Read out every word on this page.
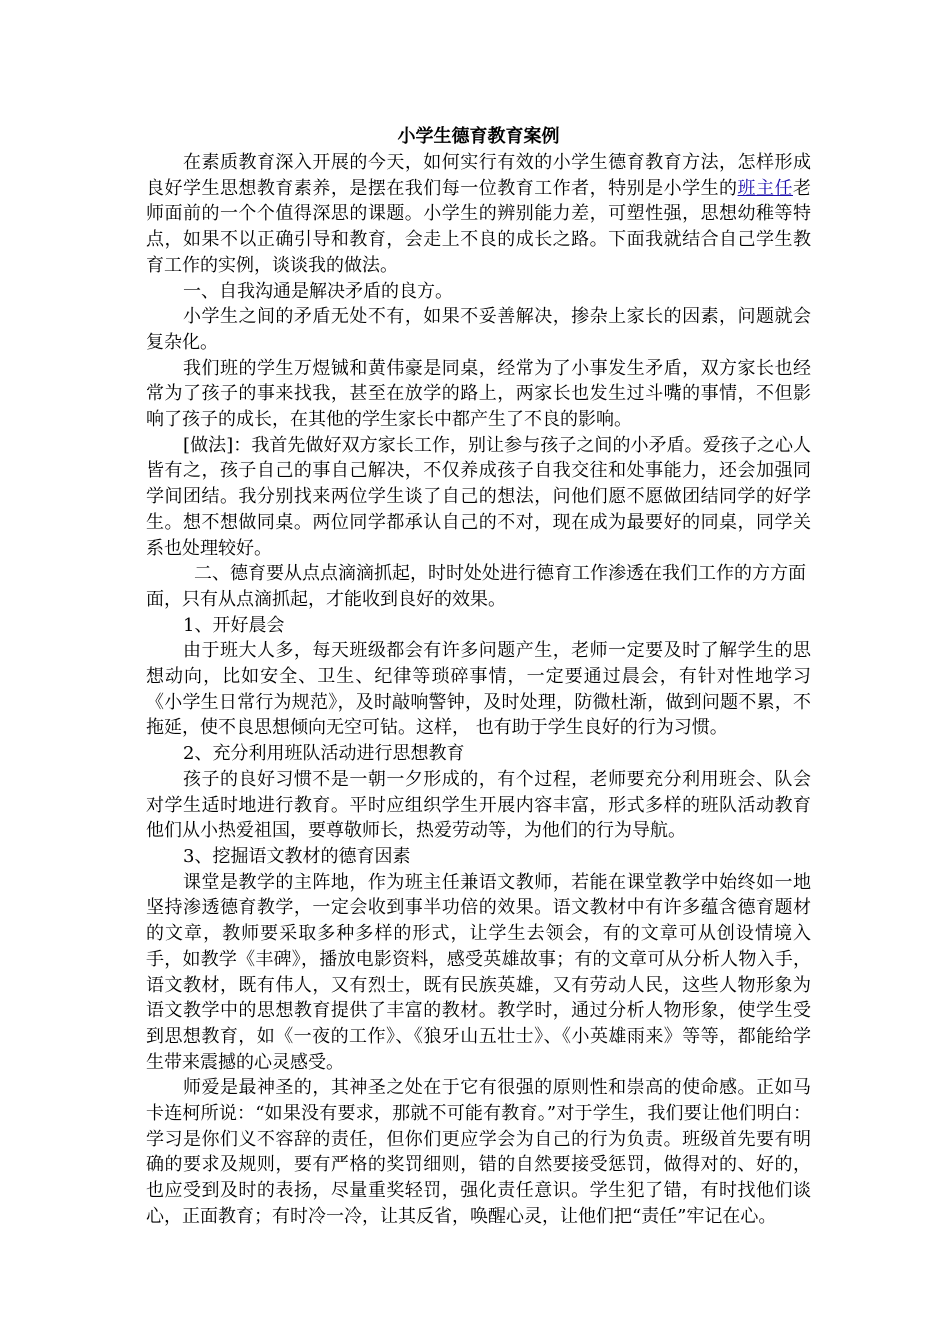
小学生德育教育案例

在素质教育深入开展的今天，如何实行有效的小学生德育教育方法，怎样形成良好学生思想教育素养，是摆在我们每一位教育工作者，特别是小学生的班主任老师面前的一个个值得深思的课题。小学生的辨别能力差，可塑性强，思想幼稚等特点，如果不以正确引导和教育，会走上不良的成长之路。下面我就结合自己学生教育工作的实例，谈谈我的做法。

一、自我沟通是解决矛盾的良方。

小学生之间的矛盾无处不有，如果不妥善解决，掺杂上家长的因素，问题就会复杂化。

我们班的学生万煜铖和黄伟豪是同桌，经常为了小事发生矛盾，双方家长也经常为了孩子的事来找我，甚至在放学的路上，两家长也发生过斗嘴的事情，不但影响了孩子的成长，在其他的学生家长中都产生了不良的影响。

[做法]：我首先做好双方家长工作，别让参与孩子之间的小矛盾。爱孩子之心人皆有之，孩子自己的事自己解决，不仅养成孩子自我交往和处事能力，还会加强同学间团结。我分别找来两位学生谈了自己的想法，问他们愿不愿做团结同学的好学生。想不想做同桌。两位同学都承认自己的不对，现在成为最要好的同桌，同学关系也处理较好。

二、德育要从点点滴滴抓起，时时处处进行德育工作渗透在我们工作的方方面面，只有从点滴抓起，才能收到良好的效果。

1、开好晨会

由于班大人多，每天班级都会有许多问题产生，老师一定要及时了解学生的思想动向，比如安全、卫生、纪律等琐碎事情，一定要通过晨会，有针对性地学习《小学生日常行为规范》，及时敲响警钟，及时处理，防微杜渐，做到问题不累，不拖延，使不良思想倾向无空可钻。这样， 也有助于学生良好的行为习惯。

2、充分利用班队活动进行思想教育

孩子的良好习惯不是一朝一夕形成的，有个过程，老师要充分利用班会、队会对学生适时地进行教育。平时应组织学生开展内容丰富，形式多样的班队活动教育他们从小热爱祖国，要尊敬师长，热爱劳动等，为他们的行为导航。

3、挖掘语文教材的德育因素

课堂是教学的主阵地，作为班主任兼语文教师，若能在课堂教学中始终如一地坚持渗透德育教学，一定会收到事半功倍的效果。语文教材中有许多蕴含德育题材的文章，教师要采取多种多样的形式，让学生去领会，有的文章可从创设情境入手，如教学《丰碑》，播放电影资料，感受英雄故事；有的文章可从分析人物入手，语文教材，既有伟人，又有烈士，既有民族英雄，又有劳动人民，这些人物形象为语文教学中的思想教育提供了丰富的教材。教学时，通过分析人物形象，使学生受到思想教育，如《一夜的工作》、《狼牙山五壮士》、《小英雄雨来》等等，都能给学生带来震撼的心灵感受。

师爱是最神圣的，其神圣之处在于它有很强的原则性和崇高的使命感。正如马卡连柯所说：“如果没有要求，那就不可能有教育。”对于学生，我们要让他们明白：学习是你们义不容辞的责任，但你们更应学会为自己的行为负责。班级首先要有明确的要求及规则，要有严格的奖罚细则，错的自然要接受惩罚，做得对的、好的，也应受到及时的表扬，尽量重奖轻罚，强化责任意识。学生犯了错，有时找他们谈心，正面教育；有时冷一冷，让其反省，唤醒心灵，让他们把“责任”牢记在心。
